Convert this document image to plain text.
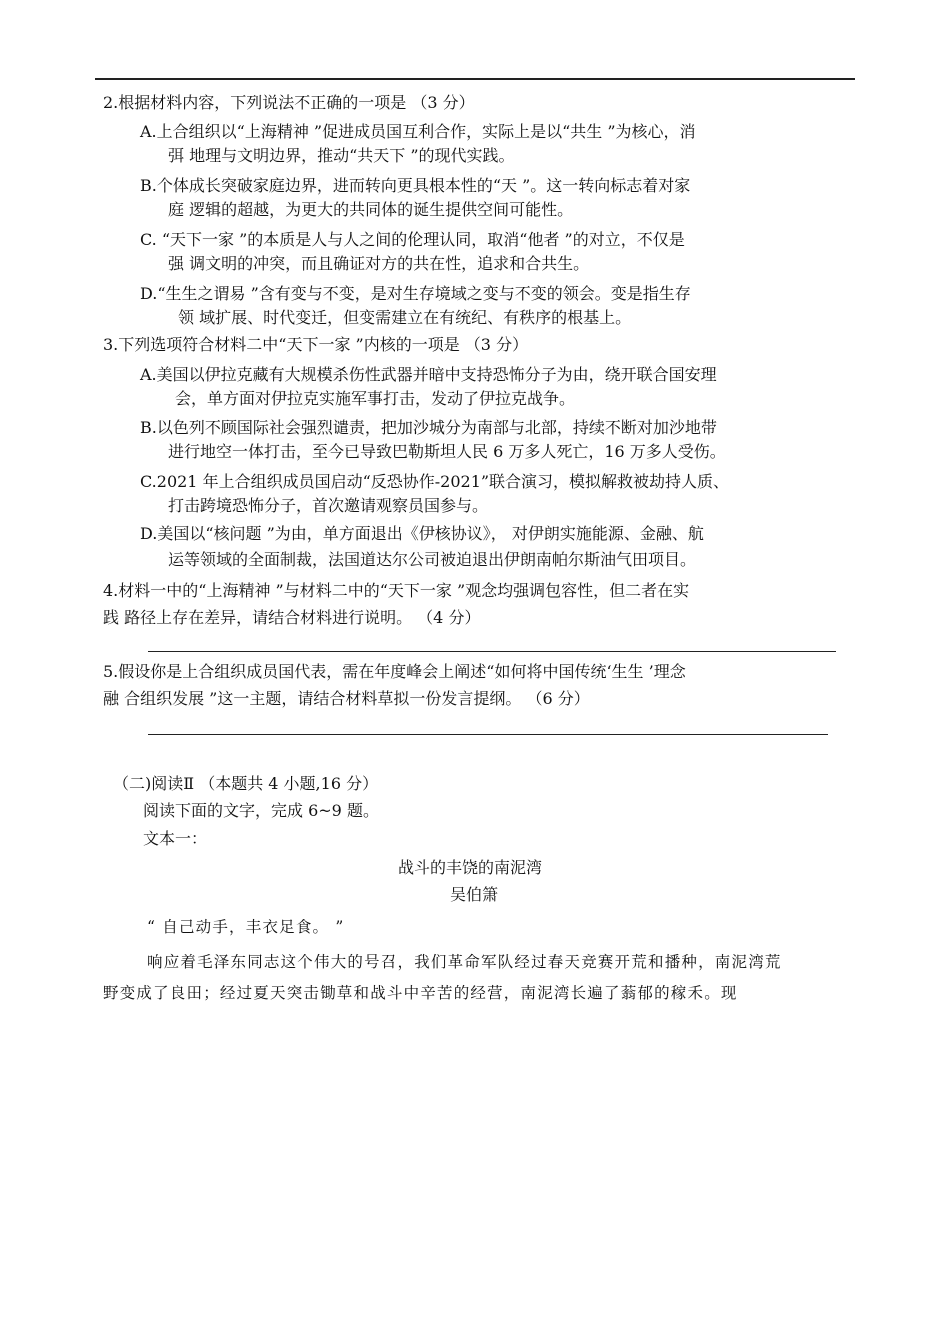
2.根据材料内容，下列说法不正确的一项是 （3 分）
A.上合组织以“上海精神 ”促进成员国互利合作，实际上是以“共生 ”为核心，消
弭 地理与文明边界，推动“共天下 ”的现代实践。
B.个体成长突破家庭边界，进而转向更具根本性的“天 ”。这一转向标志着对家
庭 逻辑的超越，为更大的共同体的诞生提供空间可能性。
C. “天下一家 ”的本质是人与人之间的伦理认同，取消“他者 ”的对立，不仅是
强 调文明的冲突，而且确证对方的共在性，追求和合共生。
D.“生生之谓易 ”含有变与不变，是对生存境域之变与不变的领会。变是指生存
领 域扩展、时代变迁，但变需建立在有统纪、有秩序的根基上。
3.下列选项符合材料二中“天下一家 ”内核的一项是 （3 分）
A.美国以伊拉克藏有大规模杀伤性武器并暗中支持恐怖分子为由，绕开联合国安理
会，单方面对伊拉克实施军事打击，发动了伊拉克战争。
B.以色列不顾国际社会强烈谴责，把加沙城分为南部与北部，持续不断对加沙地带
进行地空一体打击，至今已导致巴勒斯坦人民 6 万多人死亡，16 万多人受伤。
C.2021 年上合组织成员国启动“反恐协作-2021”联合演习，模拟解救被劫持人质、
打击跨境恐怖分子，首次邀请观察员国参与。
D.美国以“核问题 ”为由，单方面退出《伊核协议》， 对伊朗实施能源、金融、航
运等领域的全面制裁，法国道达尔公司被迫退出伊朗南帕尔斯油气田项目。
4.材料一中的“上海精神 ”与材料二中的“天下一家 ”观念均强调包容性，但二者在实
践 路径上存在差异，请结合材料进行说明。 （4 分）
5.假设你是上合组织成员国代表，需在年度峰会上阐述“如何将中国传统‘生生 ’理念
融 合组织发展 ”这一主题，请结合材料草拟一份发言提纲。 （6 分）
（二)阅读Ⅱ （本题共 4 小题,16 分）
阅读下面的文字，完成 6~9 题。
文本一：
战斗的丰饶的南泥湾
吴伯箫
“ 自己动手，丰衣足食。 ”
响应着毛泽东同志这个伟大的号召，我们革命军队经过春天竞赛开荒和播种，南泥湾荒
野变成了良田；经过夏天突击锄草和战斗中辛苦的经营，南泥湾长遍了蓊郁的稼禾。现
